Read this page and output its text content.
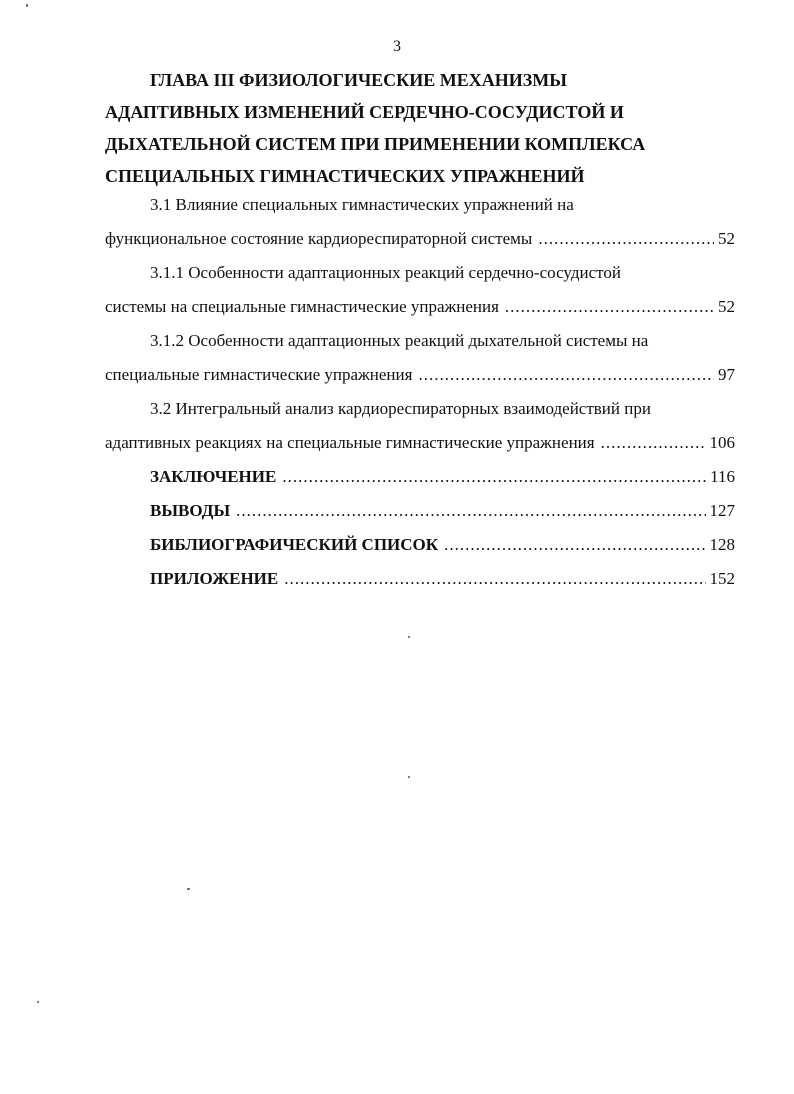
3
ГЛАВА III ФИЗИОЛОГИЧЕСКИЕ МЕХАНИЗМЫ
АДАПТИВНЫХ ИЗМЕНЕНИЙ СЕРДЕЧНО-СОСУДИСТОЙ И
ДЫХАТЕЛЬНОЙ СИСТЕМ ПРИ ПРИМЕНЕНИИ КОМПЛЕКСА
СПЕЦИАЛЬНЫХ ГИМНАСТИЧЕСКИХ УПРАЖНЕНИЙ
3.1 Влияние специальных гимнастических упражнений на
функциональное состояние кардиореспираторной системы .....	52
3.1.1 Особенности адаптационных реакций сердечно-сосудистой
системы на специальные гимнастические упражнения .....	52
3.1.2 Особенности адаптационных реакций дыхательной системы на
специальные гимнастические упражнения .....	97
3.2 Интегральный анализ кардиореспираторных взаимодействий при
адаптивных реакциях на специальные гимнастические упражнения .....	106
ЗАКЛЮЧЕНИЕ .....	116
ВЫВОДЫ .....	127
БИБЛИОГРАФИЧЕСКИЙ СПИСОК .....	128
ПРИЛОЖЕНИЕ .....	152
